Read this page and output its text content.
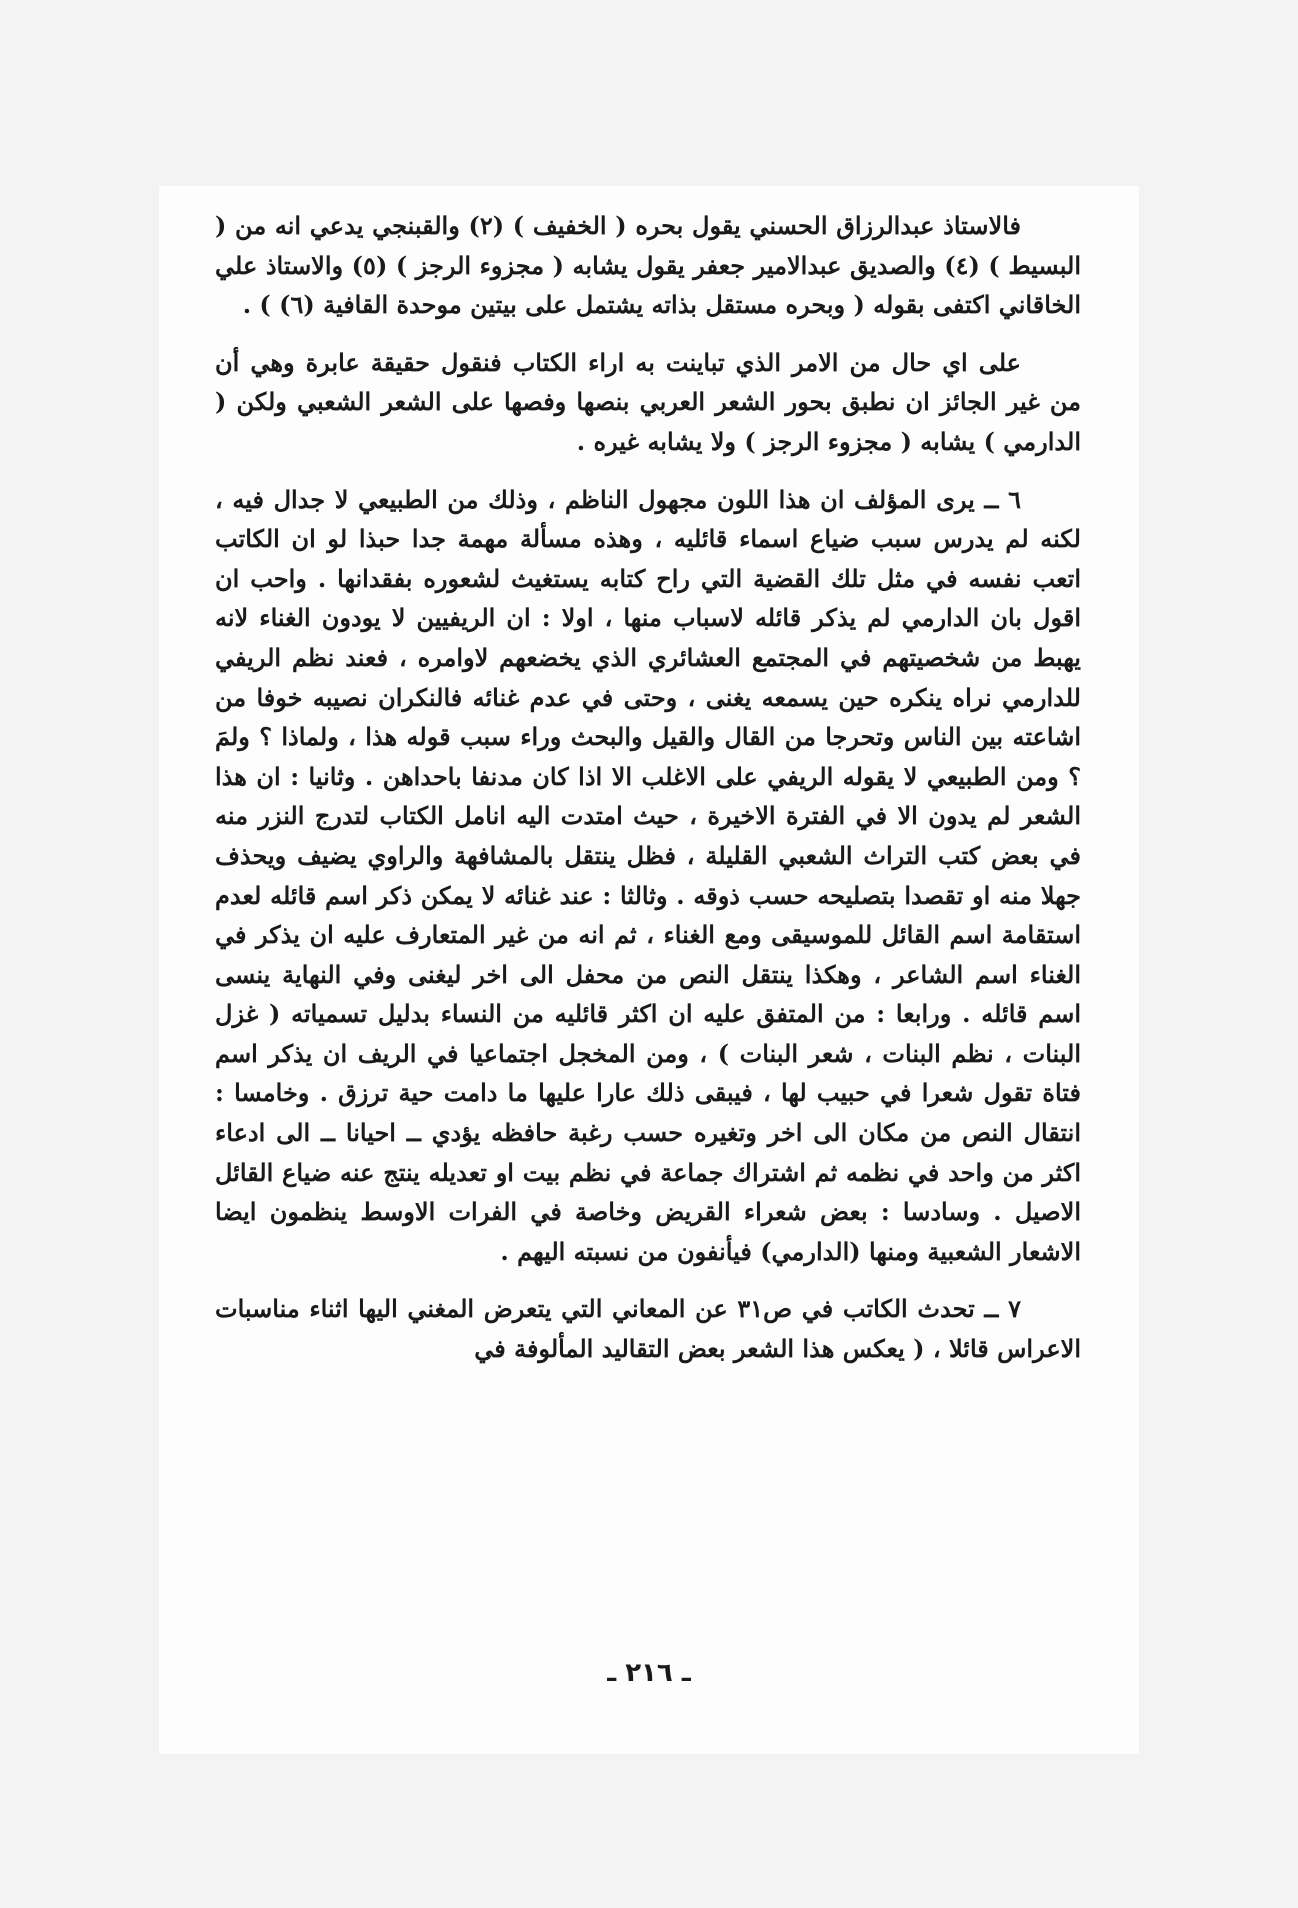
فالاستاذ عبدالرزاق الحسني يقول بحره ( الخفيف ) (٢) والقبنجي يدعي انه من ( البسيط ) (٤) والصديق عبدالامير جعفر يقول يشابه ( مجزوء الرجز ) (٥) والاستاذ علي الخاقاني اكتفى بقوله ( وبحره مستقل بذاته يشتمل على بيتين موحدة القافية (٦) ) .

على اي حال من الامر الذي تباينت به اراء الكتاب فنقول حقيقة عابرة وهي أن من غير الجائز ان نطبق بحور الشعر العربي بنصها وفصها على الشعر الشعبي ولكن ( الدارمي ) يشابه ( مجزوء الرجز ) ولا يشابه غيره .

٦ ــ يرى المؤلف ان هذا اللون مجهول الناظم ، وذلك من الطبيعي لا جدال فيه ، لكنه لم يدرس سبب ضياع اسماء قائليه ، وهذه مسألة مهمة جدا حبذا لو ان الكاتب اتعب نفسه في مثل تلك القضية التي راح كتابه يستغيث لشعوره بفقدانها . واحب ان اقول بان الدارمي لم يذكر قائله لاسباب منها ، اولا : ان الريفيين لا يودون الغناء لانه يهبط من شخصيتهم في المجتمع العشائري الذي يخضعهم لاوامره ، فعند نظم الريفي للدارمي نراه ينكره حين يسمعه يغنى ، وحتى في عدم غنائه فالنكران نصيبه خوفا من اشاعته بين الناس وتحرجا من القال والقيل والبحث وراء سبب قوله هذا ، ولماذا ؟ ولمَ ؟ ومن الطبيعي لا يقوله الريفي على الاغلب الا اذا كان مدنفا باحداهن . وثانيا : ان هذا الشعر لم يدون الا في الفترة الاخيرة ، حيث امتدت اليه انامل الكتاب لتدرج النزر منه في بعض كتب التراث الشعبي القليلة ، فظل ينتقل بالمشافهة والراوي يضيف ويحذف جهلا منه او تقصدا بتصليحه حسب ذوقه . وثالثا : عند غنائه لا يمكن ذكر اسم قائله لعدم استقامة اسم القائل للموسيقى ومع الغناء ، ثم انه من غير المتعارف عليه ان يذكر في الغناء اسم الشاعر ، وهكذا ينتقل النص من محفل الى اخر ليغنى وفي النهاية ينسى اسم قائله . ورابعا : من المتفق عليه ان اكثر قائليه من النساء بدليل تسمياته ( غزل البنات ، نظم البنات ، شعر البنات ) ، ومن المخجل اجتماعيا في الريف ان يذكر اسم فتاة تقول شعرا في حبيب لها ، فيبقى ذلك عارا عليها ما دامت حية ترزق . وخامسا : انتقال النص من مكان الى اخر وتغيره حسب رغبة حافظه يؤدي ــ احيانا ــ الى ادعاء اكثر من واحد في نظمه ثم اشتراك جماعة في نظم بيت او تعديله ينتج عنه ضياع القائل الاصيل . وسادسا : بعض شعراء القريض وخاصة في الفرات الاوسط ينظمون ايضا الاشعار الشعبية ومنها (الدارمي) فيأنفون من نسبته اليهم .

٧ ــ تحدث الكاتب في ص٣١ عن المعاني التي يتعرض المغني اليها اثناء مناسبات الاعراس قائلا ، ( يعكس هذا الشعر بعض التقاليد المألوفة في

ـ ٢١٦ ـ
